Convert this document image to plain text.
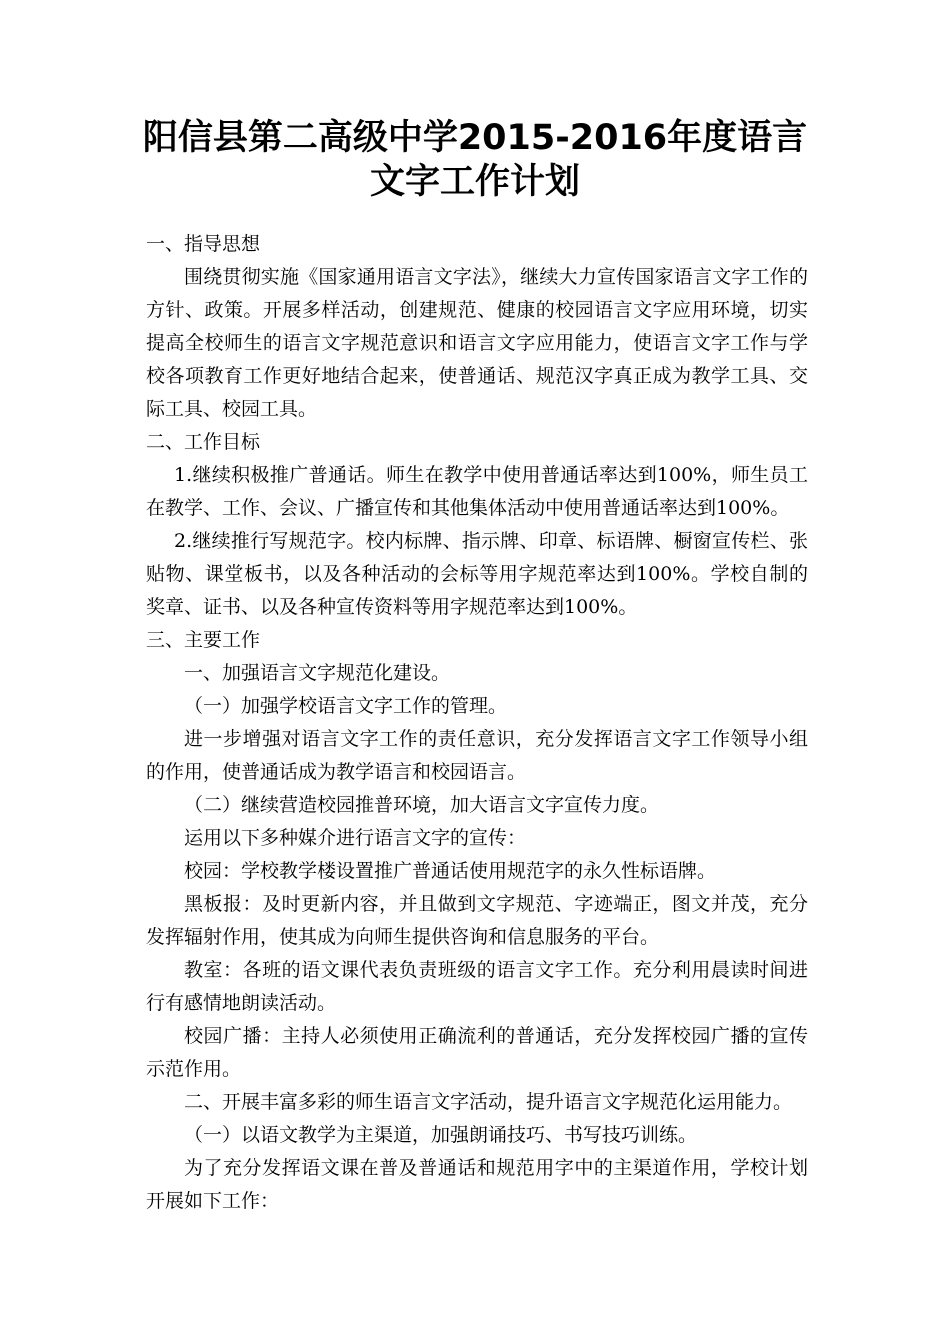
阳信县第二高级中学2015-2016年度语言
文字工作计划

一、指导思想

围绕贯彻实施《国家通用语言文字法》，继续大力宣传国家语言文字工作的方针、政策。开展多样活动，创建规范、健康的校园语言文字应用环境，切实提高全校师生的语言文字规范意识和语言文字应用能力，使语言文字工作与学校各项教育工作更好地结合起来，使普通话、规范汉字真正成为教学工具、交际工具、校园工具。

二、工作目标

1.继续积极推广普通话。师生在教学中使用普通话率达到100%，师生员工在教学、工作、会议、广播宣传和其他集体活动中使用普通话率达到100%。

2.继续推行写规范字。校内标牌、指示牌、印章、标语牌、橱窗宣传栏、张贴物、课堂板书，以及各种活动的会标等用字规范率达到100%。学校自制的奖章、证书、以及各种宣传资料等用字规范率达到100%。

三、主要工作

一、加强语言文字规范化建设。

（一）加强学校语言文字工作的管理。

进一步增强对语言文字工作的责任意识，充分发挥语言文字工作领导小组的作用，使普通话成为教学语言和校园语言。

（二）继续营造校园推普环境，加大语言文字宣传力度。

运用以下多种媒介进行语言文字的宣传：

校园：学校教学楼设置推广普通话使用规范字的永久性标语牌。

黑板报：及时更新内容，并且做到文字规范、字迹端正，图文并茂，充分发挥辐射作用，使其成为向师生提供咨询和信息服务的平台。

教室：各班的语文课代表负责班级的语言文字工作。充分利用晨读时间进行有感情地朗读活动。

校园广播：主持人必须使用正确流利的普通话，充分发挥校园广播的宣传示范作用。

二、开展丰富多彩的师生语言文字活动，提升语言文字规范化运用能力。

（一）以语文教学为主渠道，加强朗诵技巧、书写技巧训练。

为了充分发挥语文课在普及普通话和规范用字中的主渠道作用，学校计划开展如下工作：
